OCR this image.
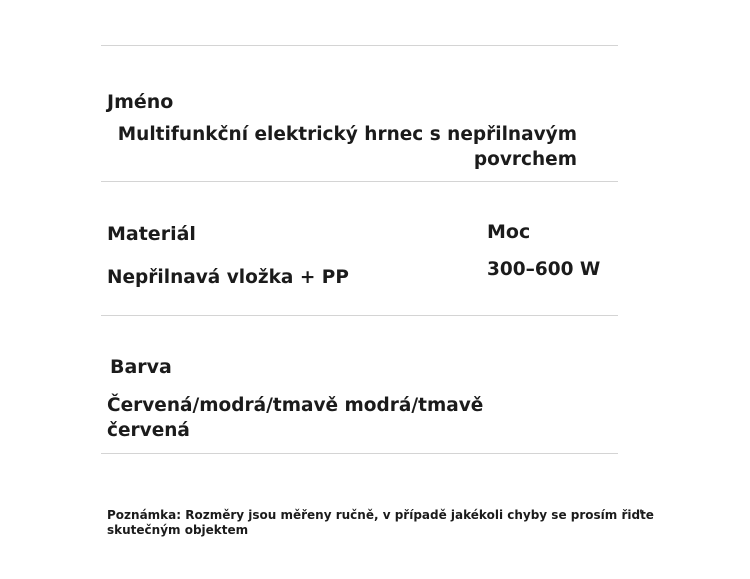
Jméno
Multifunkční elektrický hrnec s nepřilnavým
povrchem
Materiál
Nepřilnavá vložka + PP
Moc
300–600 W
Barva
Červená/modrá/tmavě modrá/tmavě červená
Poznámka: Rozměry jsou měřeny ručně, v případě jakékoli chyby se prosím řiďte skutečným objektem
